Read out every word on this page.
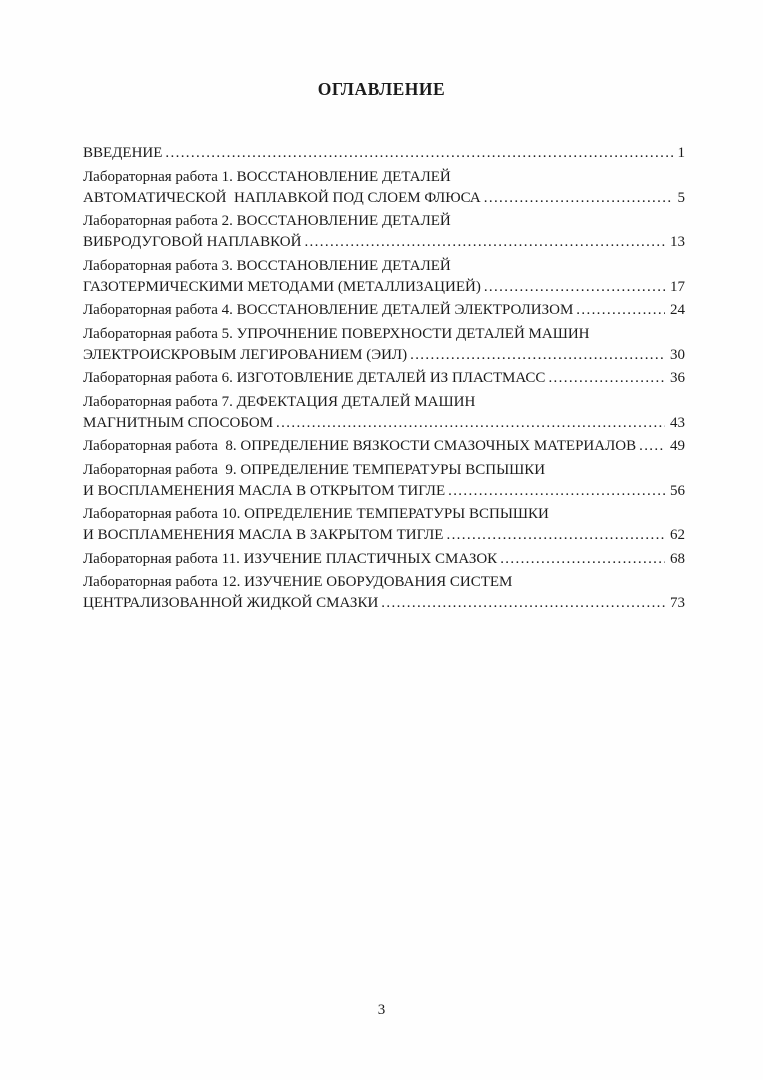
ОГЛАВЛЕНИЕ
ВВЕДЕНИЕ .....	1
Лабораторная работа 1. ВОССТАНОВЛЕНИЕ ДЕТАЛЕЙ
АВТОМАТИЧЕСКОЙ  НАПЛАВКОЙ ПОД СЛОЕМ ФЛЮСА .....	5
Лабораторная работа 2. ВОССТАНОВЛЕНИЕ ДЕТАЛЕЙ
ВИБРОДУГОВОЙ НАПЛАВКОЙ .....	13
Лабораторная работа 3. ВОССТАНОВЛЕНИЕ ДЕТАЛЕЙ
ГАЗОТЕРМИЧЕСКИМИ МЕТОДАМИ (МЕТАЛЛИЗАЦИЕЙ) .....	17
Лабораторная работа 4. ВОССТАНОВЛЕНИЕ ДЕТАЛЕЙ ЭЛЕКТРОЛИЗОМ .....	24
Лабораторная работа 5. УПРОЧНЕНИЕ ПОВЕРХНОСТИ ДЕТАЛЕЙ МАШИН
ЭЛЕКТРОИСКРОВЫМ ЛЕГИРОВАНИЕМ (ЭИЛ) .....	30
Лабораторная работа 6. ИЗГОТОВЛЕНИЕ ДЕТАЛЕЙ ИЗ ПЛАСТМАСС .....	36
Лабораторная работа 7. ДЕФЕКТАЦИЯ ДЕТАЛЕЙ МАШИН
МАГНИТНЫМ СПОСОБОМ .....	43
Лабораторная работа  8. ОПРЕДЕЛЕНИЕ ВЯЗКОСТИ СМАЗОЧНЫХ МАТЕРИАЛОВ ..... 49
Лабораторная работа  9. ОПРЕДЕЛЕНИЕ ТЕМПЕРАТУРЫ ВСПЫШКИ
И ВОСПЛАМЕНЕНИЯ МАСЛА В ОТКРЫТОМ ТИГЛЕ .....	56
Лабораторная работа 10. ОПРЕДЕЛЕНИЕ ТЕМПЕРАТУРЫ ВСПЫШКИ
И ВОСПЛАМЕНЕНИЯ МАСЛА В ЗАКРЫТОМ ТИГЛЕ .....	62
Лабораторная работа 11. ИЗУЧЕНИЕ ПЛАСТИЧНЫХ СМАЗОК .....	68
Лабораторная работа 12. ИЗУЧЕНИЕ ОБОРУДОВАНИЯ СИСТЕМ
ЦЕНТРАЛИЗОВАННОЙ ЖИДКОЙ СМАЗКИ .....	73
3
